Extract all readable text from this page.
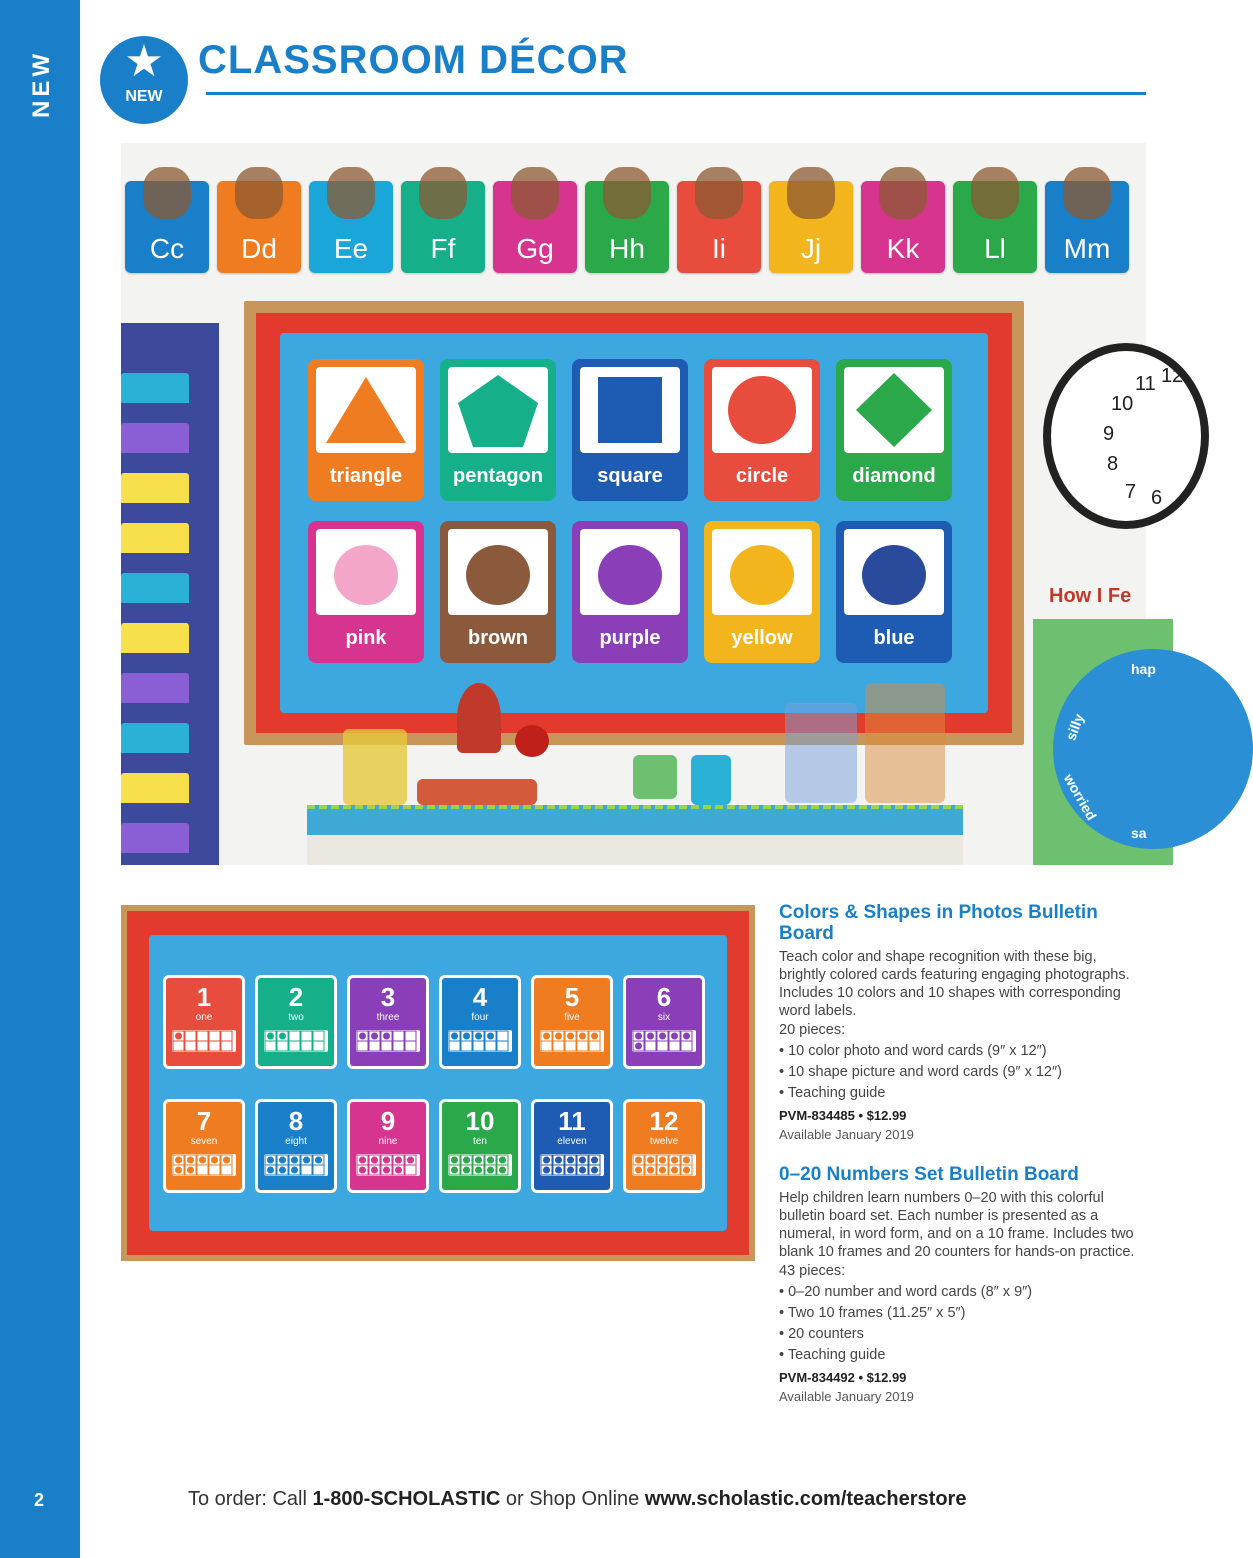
NEW
2
★
NEW
CLASSROOM DÉCOR
Cc	Dd	Ee	Ff	Gg	Hh	Ii	Jj	Kk	Ll	Mm
triangle	pentagon	square	circle	diamond
pink	brown	purple	yellow	blue
11 12
10
9
8
7 6
How I Fe
hap
silly
worried
sa
1
one
2
two
3
three
4
four
5
five
6
six
7
seven
8
eight
9
nine
10
ten
11
eleven
12
twelve
Colors & Shapes in Photos Bulletin Board

Teach color and shape recognition with these big, brightly colored cards featuring engaging photographs. Includes 10 colors and 10 shapes with corresponding word labels.

20 pieces:

• 10 color photo and word cards (9″ x 12″)
• 10 shape picture and word cards (9″ x 12″)
• Teaching guide

PVM-834485 • $12.99

Available January 2019

0–20 Numbers Set Bulletin Board

Help children learn numbers 0–20 with this colorful bulletin board set. Each number is presented as a numeral, in word form, and on a 10 frame. Includes two blank 10 frames and 20 counters for hands-on practice.

43 pieces:

• 0–20 number and word cards (8″ x 9″)
• Two 10 frames (11.25″ x 5″)
• 20 counters
• Teaching guide

PVM-834492 • $12.99

Available January 2019

To order: Call 1-800-SCHOLASTIC or Shop Online www.scholastic.com/teacherstore
